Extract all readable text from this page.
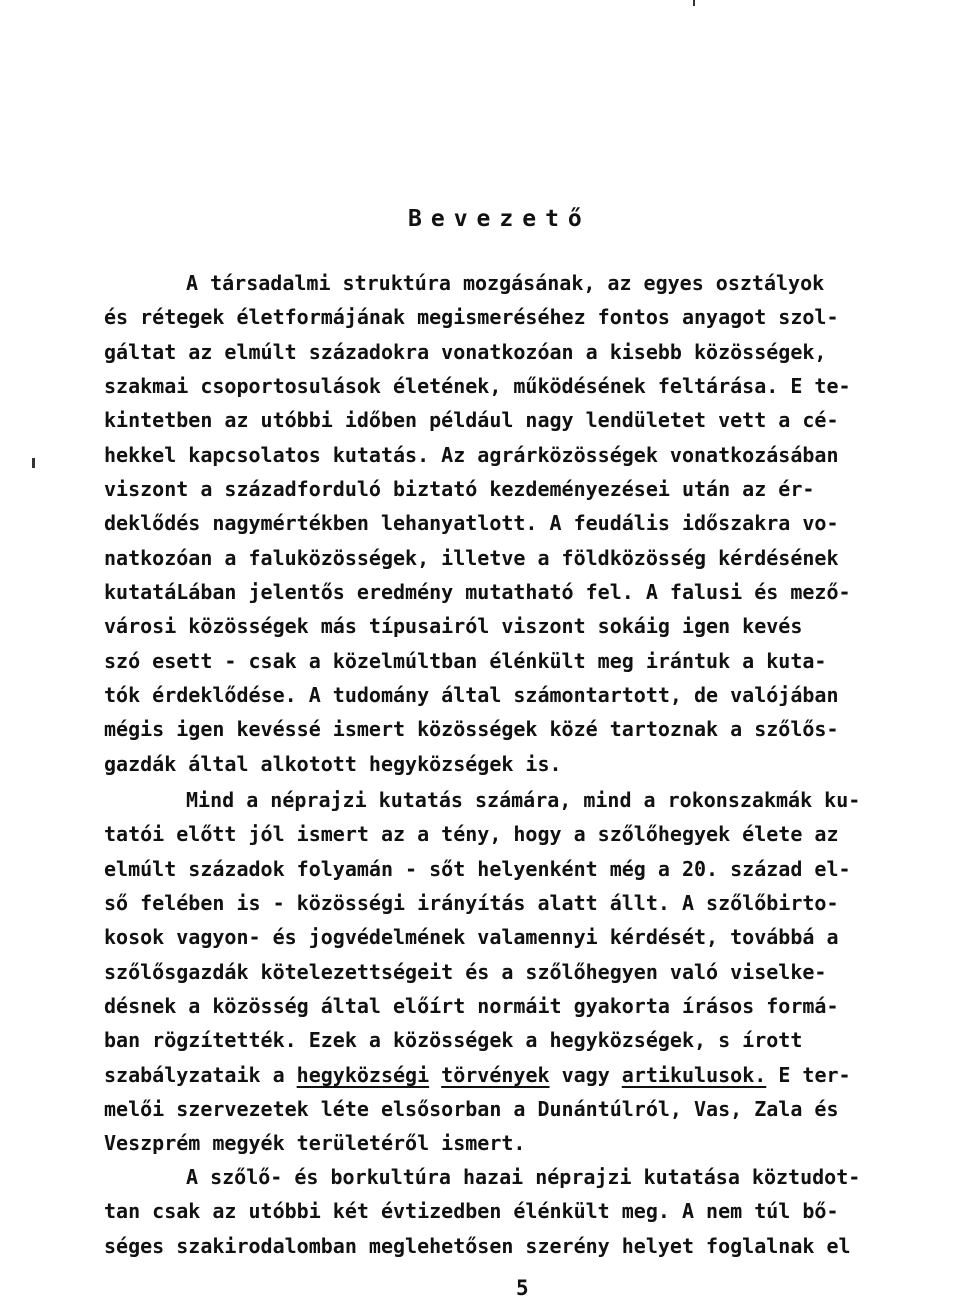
Bevezető
A társadalmi struktúra mozgásának, az egyes osztályok
és rétegek életformájának megismeréséhez fontos anyagot szol-
gáltat az elmúlt századokra vonatkozóan a kisebb közösségek,
szakmai csoportosulások életének, működésének feltárása. E te-
kintetben az utóbbi időben például nagy lendületet vett a cé-
hekkel kapcsolatos kutatás. Az agrárközösségek vonatkozásában
viszont a századforduló biztató kezdeményezései után az ér-
deklődés nagymértékben lehanyatlott. A feudális időszakra vo-
natkozóan a faluközösségek, illetve a földközösség kérdésének
kutatáLában jelentős eredmény mutatható fel. A falusi és mező-
városi közösségek más típusairól viszont sokáig igen kevés
szó esett - csak a közelmúltban élénkült meg irántuk a kuta-
tók érdeklődése. A tudomány által számontartott, de valójában
mégis igen kevéssé ismert közösségek közé tartoznak a szőlős-
gazdák által alkotott hegyközségek is.
Mind a néprajzi kutatás számára, mind a rokonszakmák ku-
tatói előtt jól ismert az a tény, hogy a szőlőhegyek élete az
elmúlt századok folyamán - sőt helyenként még a 20. század el-
ső felében is - közösségi irányítás alatt állt. A szőlőbirto-
kosok vagyon- és jogvédelmének valamennyi kérdését, továbbá a
szőlősgazdák kötelezettségeit és a szőlőhegyen való viselke-
désnek a közösség által előírt normáit gyakorta írásos formá-
ban rögzítették. Ezek a közösségek a hegyközségek, s írott
szabályzataik a hegyközségi törvények vagy artikulusok. E ter-
melői szervezetek léte elsősorban a Dunántúlról, Vas, Zala és
Veszprém megyék területéről ismert.
A szőlő- és borkultúra hazai néprajzi kutatása köztudot-
tan csak az utóbbi két évtizedben élénkült meg. A nem túl bő-
séges szakirodalomban meglehetősen szerény helyet foglalnak el
5
